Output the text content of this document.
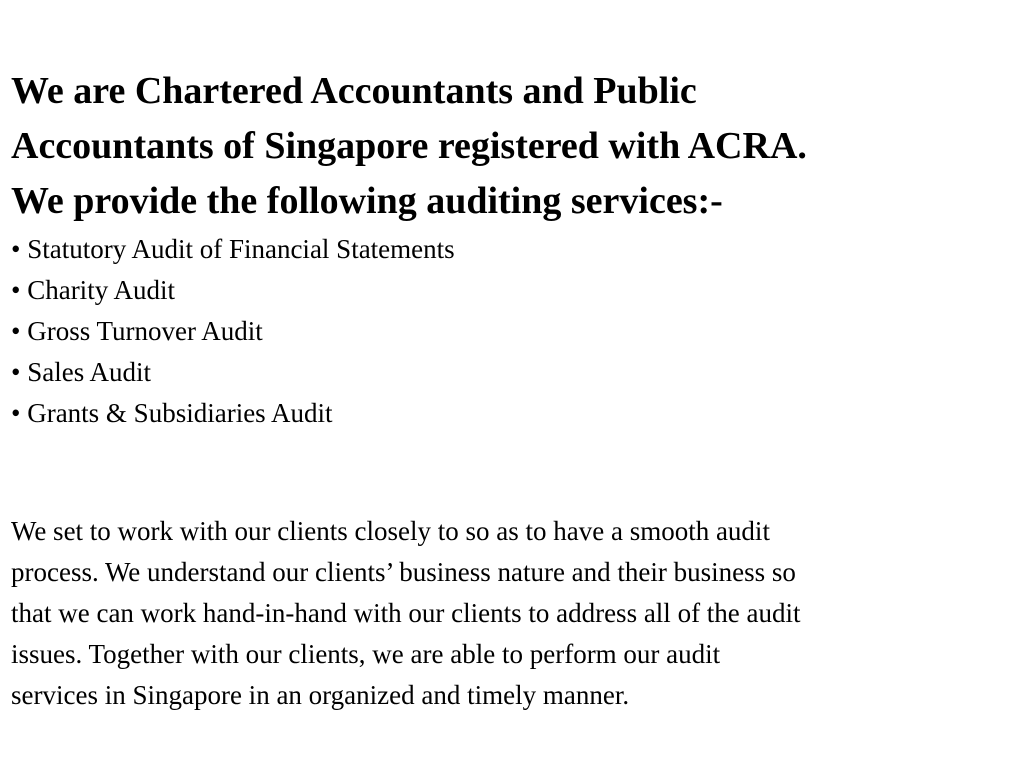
We are Chartered Accountants and Public

Accountants of Singapore registered with ACRA.

We provide the following auditing services:-

• Statutory Audit of Financial Statements
• Charity Audit
• Gross Turnover Audit
• Sales Audit
• Grants & Subsidiaries Audit

We set to work with our clients closely to so as to have a smooth audit
process. We understand our clients’ business nature and their business so
that we can work hand-in-hand with our clients to address all of the audit
issues. Together with our clients, we are able to perform our audit
services in Singapore in an organized and timely manner.
